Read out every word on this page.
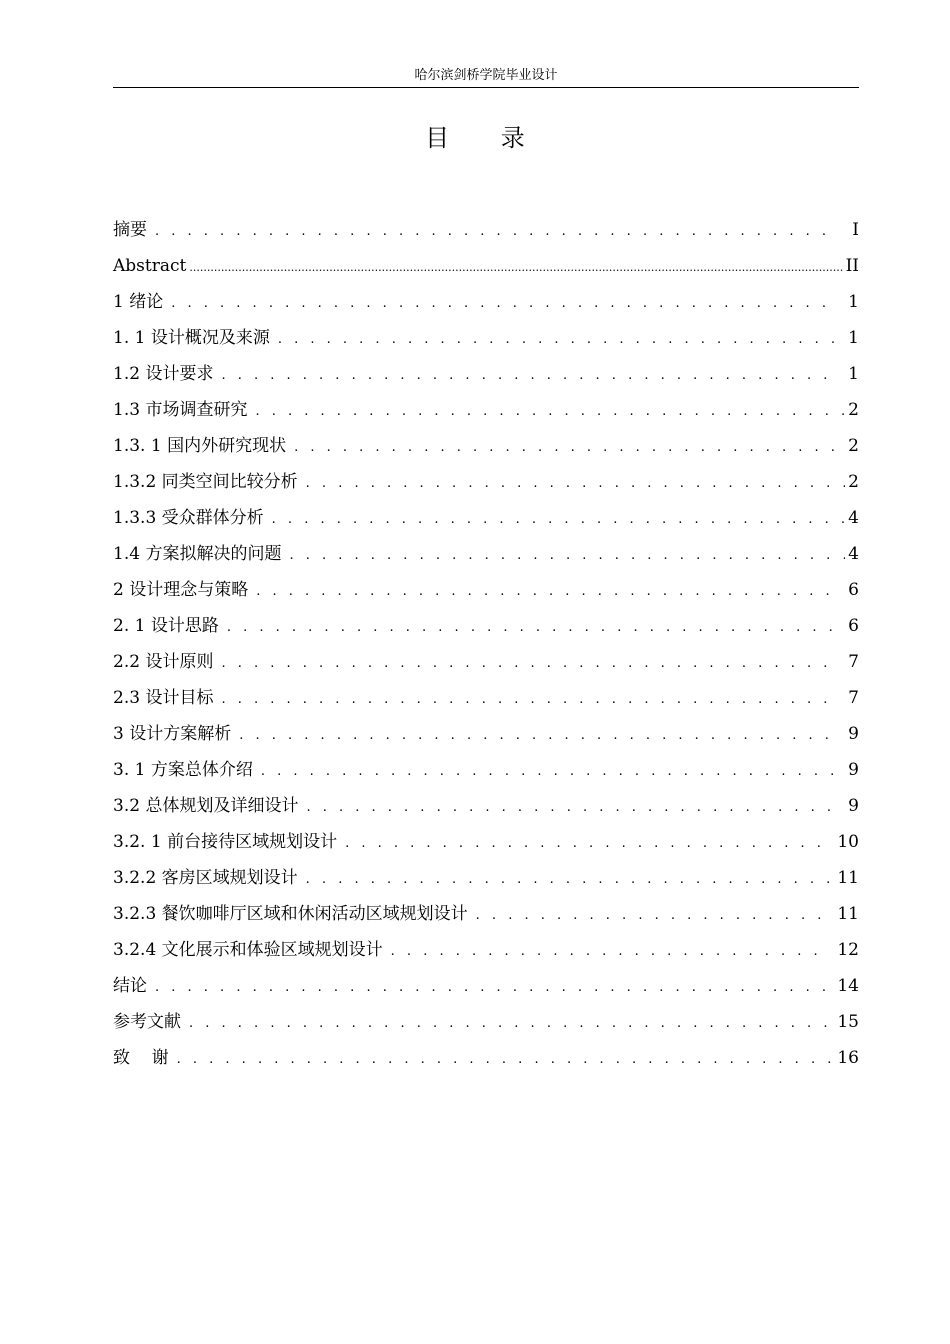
哈尔滨剑桥学院毕业设计
目 录
摘要 . . .	I
Abstract .....	II
1 绪论 . . .	1
1. 1 设计概况及来源 . . .	1
1.2 设计要求 . . .	1
1.3 市场调查研究 . . .	2
1.3. 1 国内外研究现状 . . .	2
1.3.2 同类空间比较分析 . . .	2
1.3.3 受众群体分析 . . .	4
1.4 方案拟解决的问题 . . .	4
2 设计理念与策略 . . .	6
2. 1 设计思路 . . .	6
2.2 设计原则 . . .	7
2.3 设计目标 . . .	7
3 设计方案解析 . . .	9
3. 1 方案总体介绍 . . .	9
3.2 总体规划及详细设计 . . .	9
3.2. 1 前台接待区域规划设计 . . .	10
3.2.2 客房区域规划设计 . . .	11
3.2.3 餐饮咖啡厅区域和休闲活动区域规划设计 . . .	11
3.2.4 文化展示和体验区域规划设计 . . .	12
结论 . . .	14
参考文献 . . .	15
致    谢 . . .	16
